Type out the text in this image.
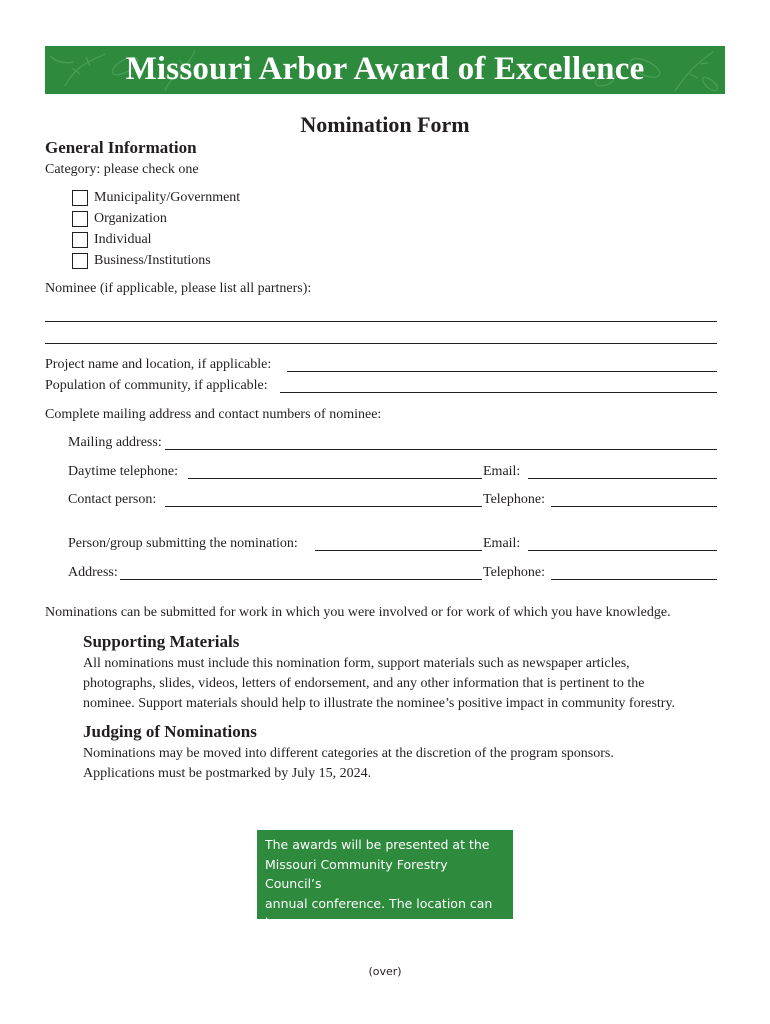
Missouri Arbor Award of Excellence
Nomination Form
General Information
Category: please check one
Municipality/Government
Organization
Individual
Business/Institutions
Nominee (if applicable, please list all partners):
Project name and location, if applicable:
Population of community, if applicable:
Complete mailing address and contact numbers of nominee:
Mailing address:
Daytime telephone:	Email:
Contact person:	Telephone:
Person/group submitting the nomination:	Email:
Address:	Telephone:
Nominations can be submitted for work in which you were involved or for work of which you have knowledge.
Supporting Materials
All nominations must include this nomination form, support materials such as newspaper articles,
photographs, slides, videos, letters of endorsement, and any other information that is pertinent to the
nominee. Support materials should help to illustrate the nominee’s positive impact in community forestry.
Judging of Nominations
Nominations may be moved into different categories at the discretion of the program sponsors.
Applications must be postmarked by July 15, 2024.
The awards will be presented at the
Missouri Community Forestry Council’s
annual conference. The location can be
found at mocommunitytrees.org.
(over)
